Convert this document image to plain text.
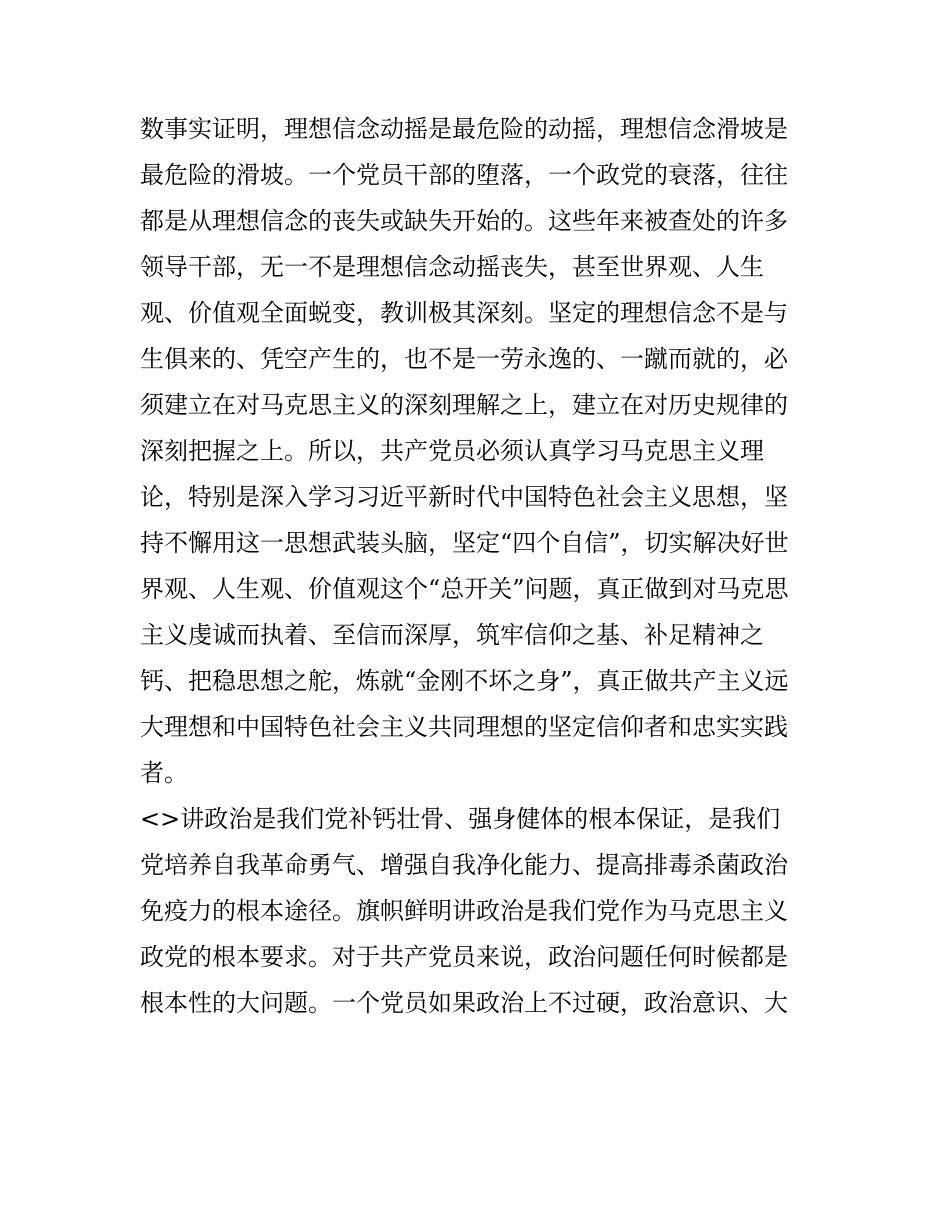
数事实证明，理想信念动摇是最危险的动摇，理想信念滑坡是
最危险的滑坡。一个党员干部的堕落，一个政党的衰落，往往
都是从理想信念的丧失或缺失开始的。这些年来被查处的许多
领导干部，无一不是理想信念动摇丧失，甚至世界观、人生
观、价值观全面蜕变，教训极其深刻。坚定的理想信念不是与
生俱来的、凭空产生的，也不是一劳永逸的、一蹴而就的，必
须建立在对马克思主义的深刻理解之上，建立在对历史规律的
深刻把握之上。所以，共产党员必须认真学习马克思主义理
论，特别是深入学习习近平新时代中国特色社会主义思想，坚
持不懈用这一思想武装头脑，坚定“四个自信”，切实解决好世
界观、人生观、价值观这个“总开关”问题，真正做到对马克思
主义虔诚而执着、至信而深厚，筑牢信仰之基、补足精神之
钙、把稳思想之舵，炼就“金刚不坏之身”，真正做共产主义远
大理想和中国特色社会主义共同理想的坚定信仰者和忠实实践
者。
<>讲政治是我们党补钙壮骨、强身健体的根本保证，是我们
党培养自我革命勇气、增强自我净化能力、提高排毒杀菌政治
免疫力的根本途径。旗帜鲜明讲政治是我们党作为马克思主义
政党的根本要求。对于共产党员来说，政治问题任何时候都是
根本性的大问题。一个党员如果政治上不过硬，政治意识、大
